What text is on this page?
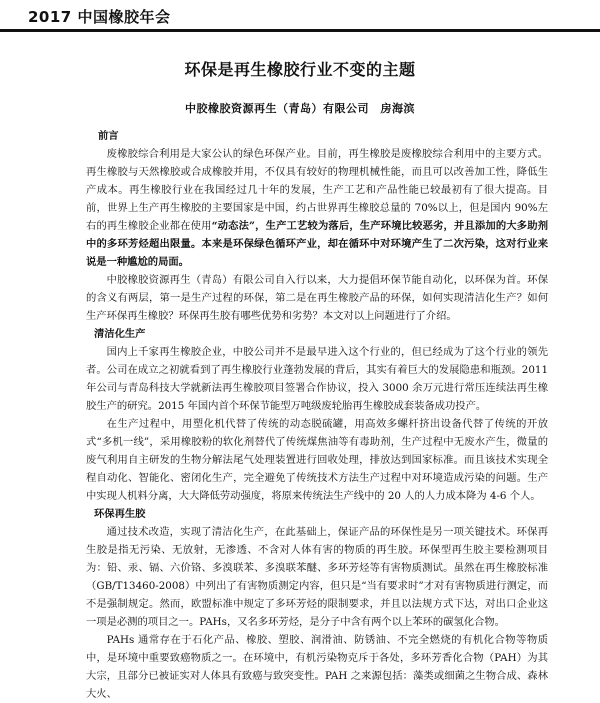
2017 中国橡胶年会
环保是再生橡胶行业不变的主题
中胶橡胶资源再生（青岛）有限公司　房海滨
前言

废橡胶综合利用是大家公认的绿色环保产业。目前，再生橡胶是废橡胶综合利用中的主要方式。再生橡胶与天然橡胶或合成橡胶并用，不仅具有较好的物理机械性能，而且可以改善加工性，降低生产成本。再生橡胶行业在我国经过几十年的发展，生产工艺和产品性能已较最初有了很大提高。目前，世界上生产再生橡胶的主要国家是中国，约占世界再生橡胶总量的 70%以上，但是国内 90%左右的再生橡胶企业都在使用“动态法”，生产工艺较为落后，生产环境比较恶劣，并且添加的大多助剂中的多环芳烃超出限量。本来是环保绿色循环产业，却在循环中对环境产生了二次污染，这对行业来说是一种尴尬的局面。

中胶橡胶资源再生（青岛）有限公司自入行以来，大力提倡环保节能自动化，以环保为首。环保的含义有两层，第一是生产过程的环保，第二是在再生橡胶产品的环保，如何实现清洁化生产？如何生产环保再生橡胶？环保再生胶有哪些优势和劣势？本文对以上问题进行了介绍。

清洁化生产

国内上千家再生橡胶企业，中胶公司并不是最早进入这个行业的，但已经成为了这个行业的领先者。公司在成立之初就看到了再生橡胶行业蓬勃发展的背后，其实有着巨大的发展隐患和瓶颈。2011年公司与青岛科技大学就新法再生橡胶项目签署合作协议，投入 3000 余万元进行常压连续法再生橡胶生产的研究。2015 年国内首个环保节能型万吨级废轮胎再生橡胶成套装备成功投产。

在生产过程中，用塑化机代替了传统的动态脱硫罐，用高效多螺杆挤出设备代替了传统的开放式“多机一线”，采用橡胶粉的软化剂替代了传统煤焦油等有毒助剂，生产过程中无废水产生，微量的废气利用自主研发的生物分解法尾气处理装置进行回收处理，排放达到国家标准。而且该技术实现全程自动化、智能化、密闭化生产，完全避免了传统技术方法生产过程中对环境造成污染的问题。生产中实现人机料分离，大大降低劳动强度，将原来传统法生产线中的 20 人的人力成本降为 4-6 个人。

环保再生胶

通过技术改造，实现了清洁化生产，在此基础上，保证产品的环保性是另一项关键技术。环保再生胶是指无污染、无放射，无渗透、不含对人体有害的物质的再生胶。环保型再生胶主要检测项目为：铅、汞、镉、六价铬、多溴联苯、多溴联苯醚、多环芳烃等有害物质测试。虽然在再生橡胶标准（GB/T13460-2008）中列出了有害物质测定内容，但只是“当有要求时”才对有害物质进行测定，而不是强制规定。然而，欧盟标准中规定了多环芳烃的限制要求，并且以法规方式下达，对出口企业这一项是必测的项目之一。PAHs，又名多环芳烃，是分子中含有两个以上苯环的碳氢化合物。

PAHs 通常存在于石化产品、橡胶、塑胶、润滑油、防锈油、不完全燃烧的有机化合物等物质中，是环境中重要致癌物质之一。在环境中，有机污染物克斥于各处，多环芳香化合物（PAH）为其大宗，且部分已被证实对人体具有致癌与致突变性。PAH 之来源包括：藻类或细菌之生物合成、森林大火、
